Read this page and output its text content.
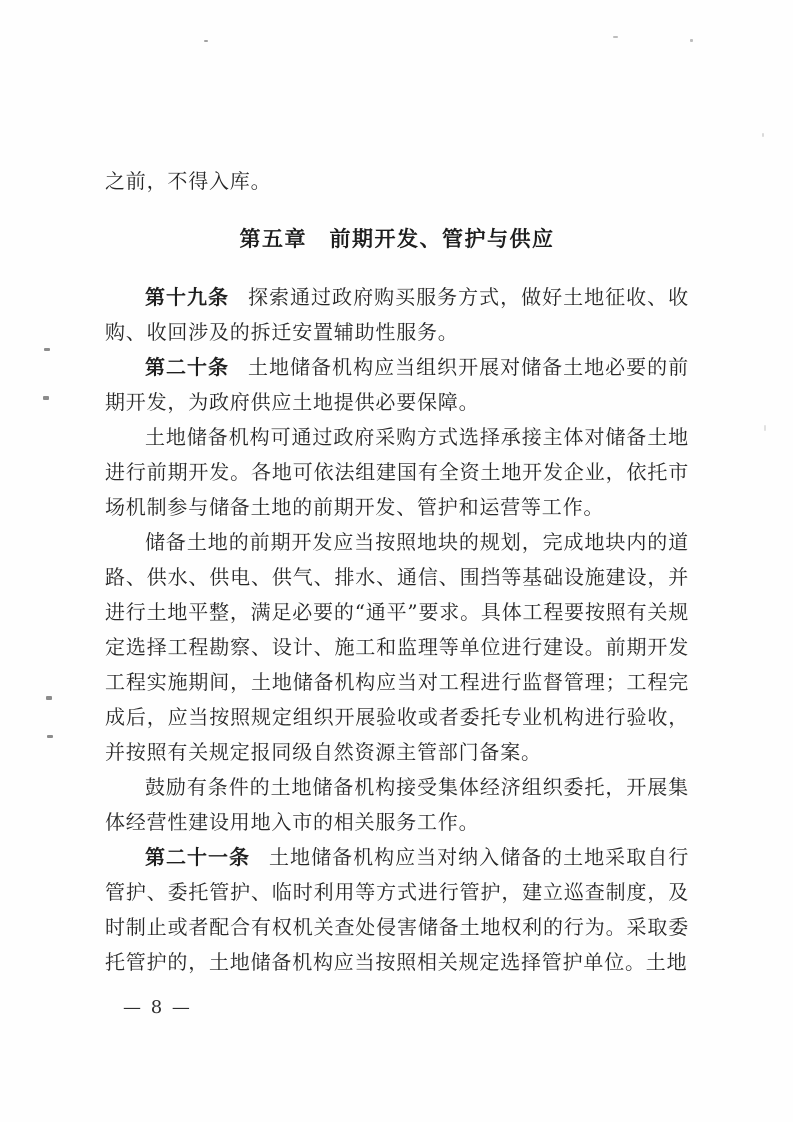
之前，不得入库。

第五章　前期开发、管护与供应

第十九条 探索通过政府购买服务方式，做好土地征收、收购、收回涉及的拆迁安置辅助性服务。

第二十条 土地储备机构应当组织开展对储备土地必要的前期开发，为政府供应土地提供必要保障。

土地储备机构可通过政府采购方式选择承接主体对储备土地进行前期开发。各地可依法组建国有全资土地开发企业，依托市场机制参与储备土地的前期开发、管护和运营等工作。

储备土地的前期开发应当按照地块的规划，完成地块内的道路、供水、供电、供气、排水、通信、围挡等基础设施建设，并进行土地平整，满足必要的“通平”要求。具体工程要按照有关规定选择工程勘察、设计、施工和监理等单位进行建设。前期开发工程实施期间，土地储备机构应当对工程进行监督管理；工程完成后，应当按照规定组织开展验收或者委托专业机构进行验收，并按照有关规定报同级自然资源主管部门备案。

鼓励有条件的土地储备机构接受集体经济组织委托，开展集体经营性建设用地入市的相关服务工作。

第二十一条 土地储备机构应当对纳入储备的土地采取自行管护、委托管护、临时利用等方式进行管护，建立巡查制度，及时制止或者配合有权机关查处侵害储备土地权利的行为。采取委托管护的，土地储备机构应当按照相关规定选择管护单位。土地

— 8 —
